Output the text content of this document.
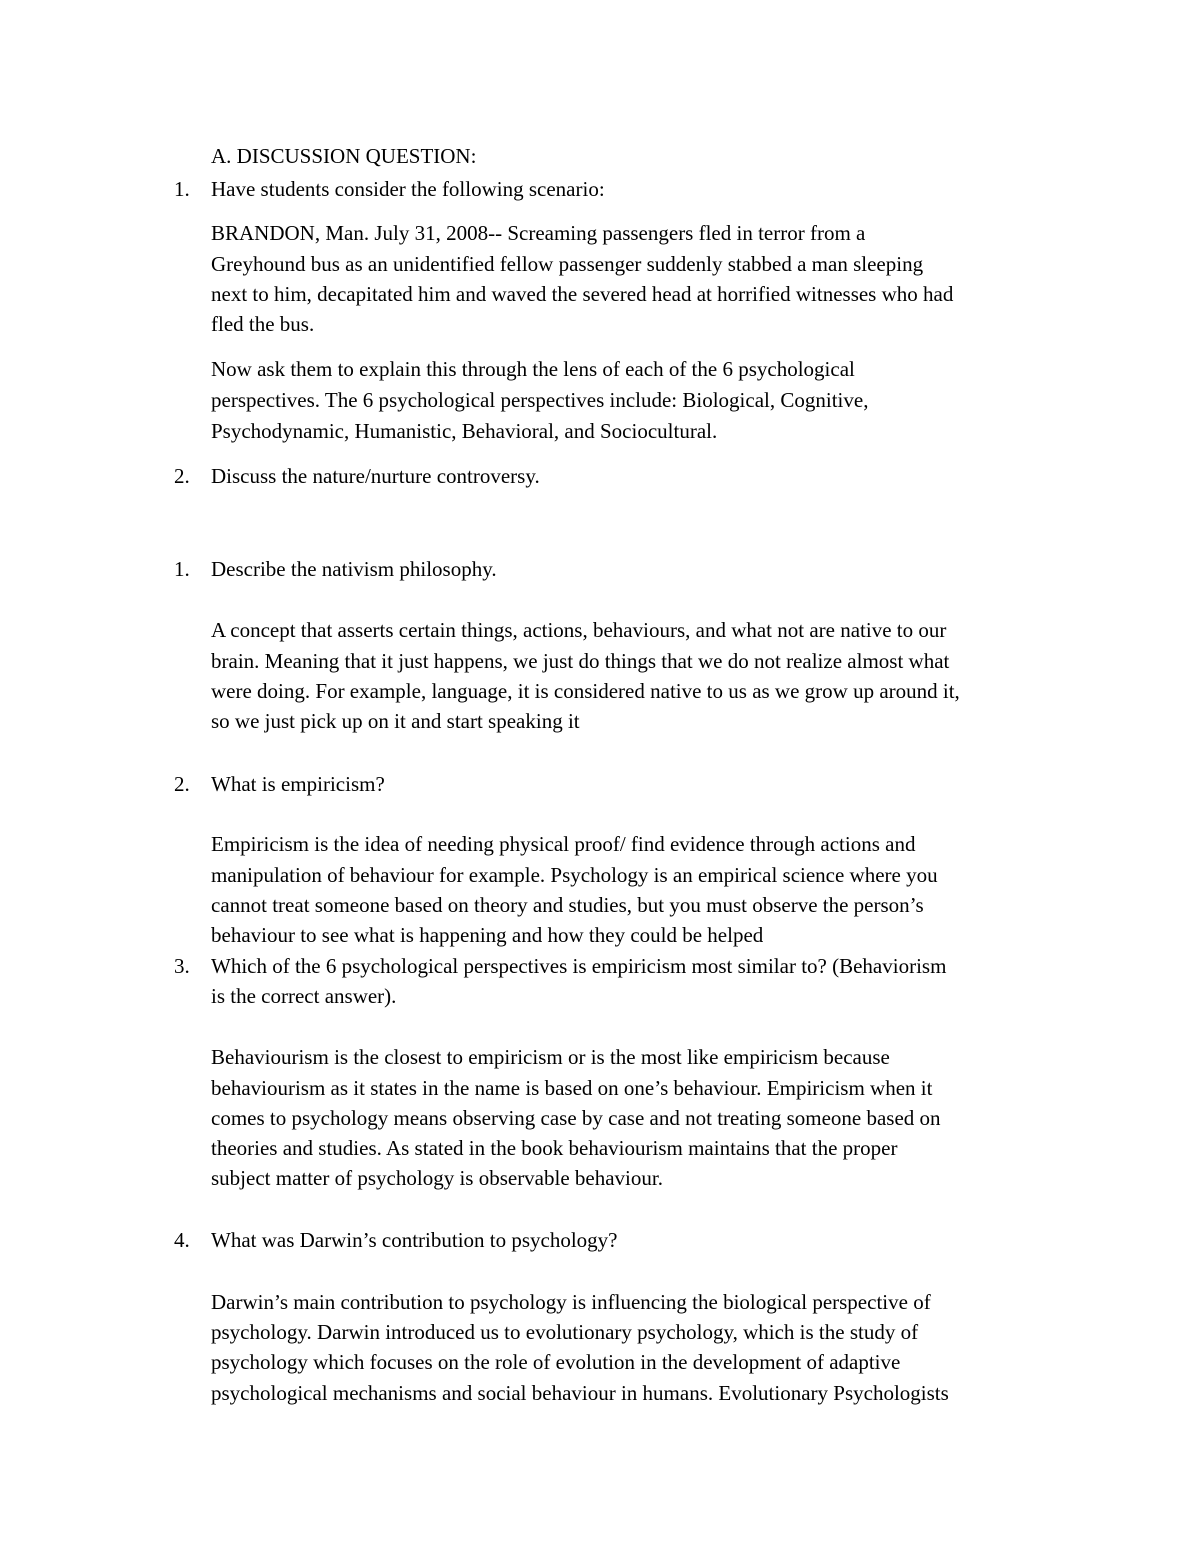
A. DISCUSSION QUESTION:
1. Have students consider the following scenario:
BRANDON, Man. July 31, 2008-- Screaming passengers fled in terror from a
Greyhound bus as an unidentified fellow passenger suddenly stabbed a man sleeping
next to him, decapitated him and waved the severed head at horrified witnesses who had
fled the bus.
Now ask them to explain this through the lens of each of the 6 psychological
perspectives. The 6 psychological perspectives include: Biological, Cognitive,
Psychodynamic, Humanistic, Behavioral, and Sociocultural.
2. Discuss the nature/nurture controversy.
1. Describe the nativism philosophy.
A concept that asserts certain things, actions, behaviours, and what not are native to our
brain. Meaning that it just happens, we just do things that we do not realize almost what
were doing. For example, language, it is considered native to us as we grow up around it,
so we just pick up on it and start speaking it
2. What is empiricism?
Empiricism is the idea of needing physical proof/ find evidence through actions and
manipulation of behaviour for example. Psychology is an empirical science where you
cannot treat someone based on theory and studies, but you must observe the person’s
behaviour to see what is happening and how they could be helped
3. Which of the 6 psychological perspectives is empiricism most similar to? (Behaviorism
is the correct answer).
Behaviourism is the closest to empiricism or is the most like empiricism because
behaviourism as it states in the name is based on one’s behaviour. Empiricism when it
comes to psychology means observing case by case and not treating someone based on
theories and studies. As stated in the book behaviourism maintains that the proper
subject matter of psychology is observable behaviour.
4. What was Darwin’s contribution to psychology?
Darwin’s main contribution to psychology is influencing the biological perspective of
psychology. Darwin introduced us to evolutionary psychology, which is the study of
psychology which focuses on the role of evolution in the development of adaptive
psychological mechanisms and social behaviour in humans. Evolutionary Psychologists
